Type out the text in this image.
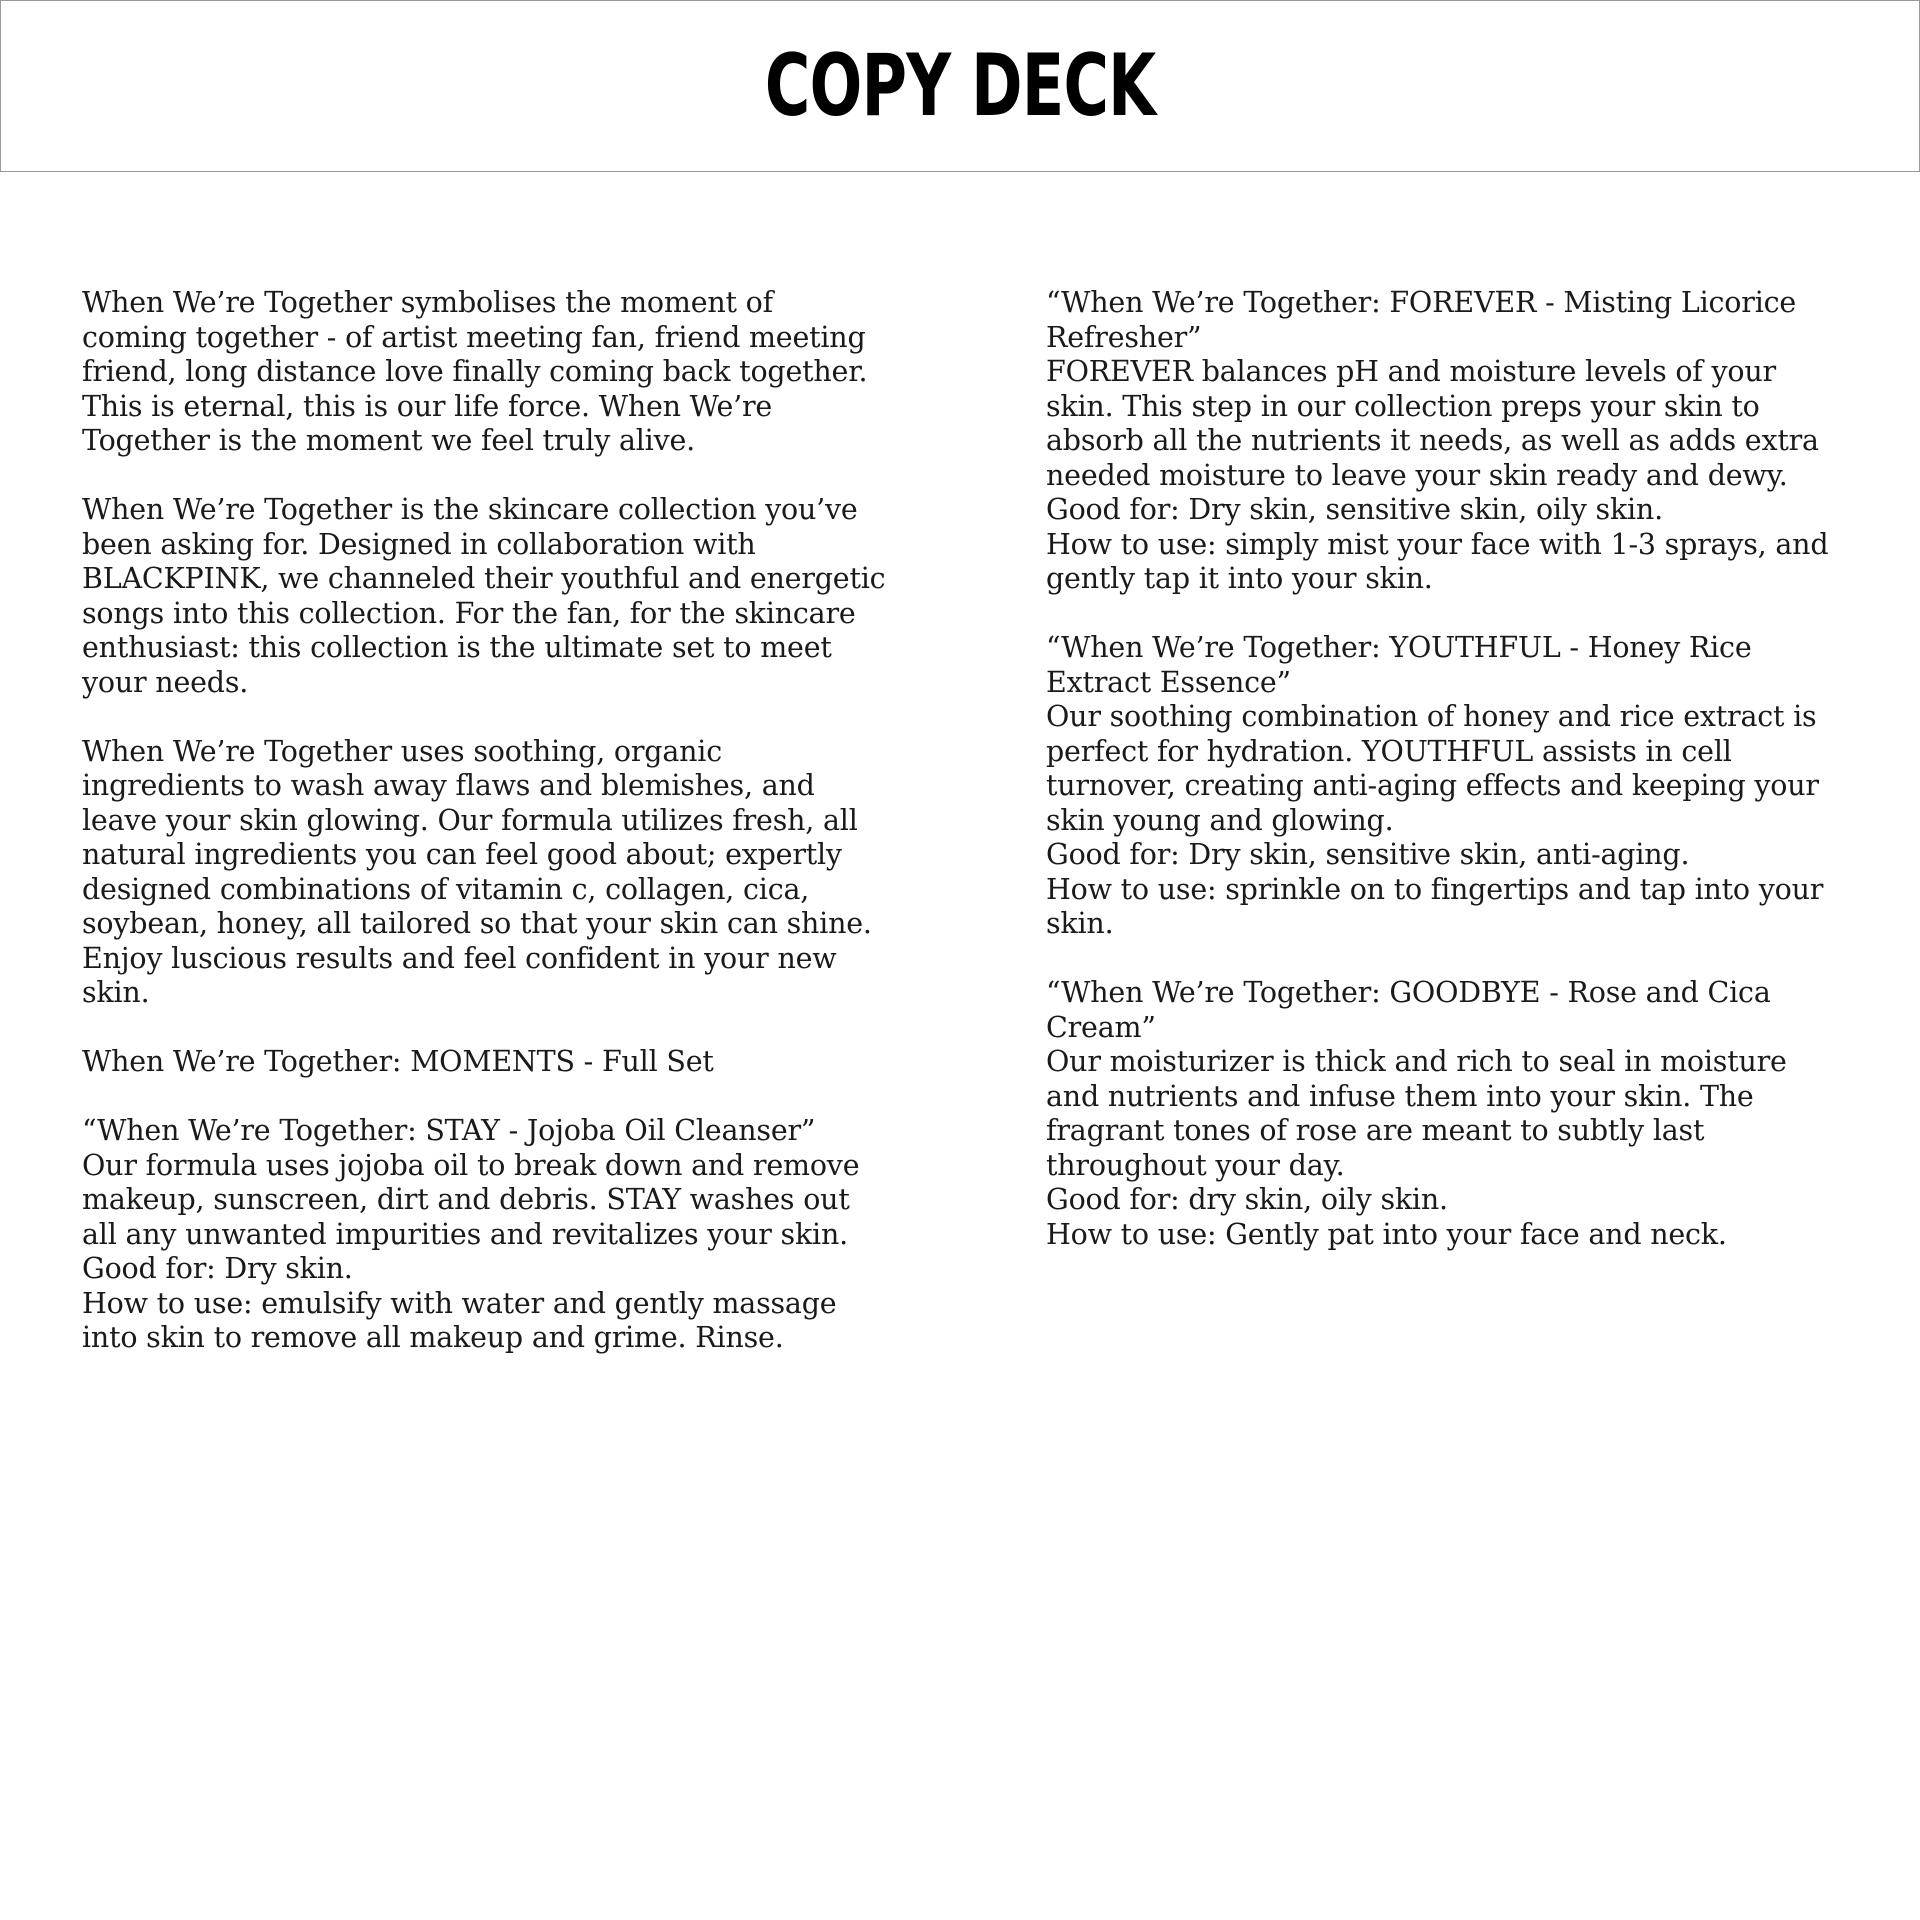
COPY DECK

When We’re Together symbolises the moment of
coming together - of artist meeting fan, friend meeting
friend, long distance love finally coming back together.
This is eternal, this is our life force. When We’re
Together is the moment we feel truly alive.

When We’re Together is the skincare collection you’ve
been asking for. Designed in collaboration with
BLACKPINK, we channeled their youthful and energetic
songs into this collection. For the fan, for the skincare
enthusiast: this collection is the ultimate set to meet
your needs.

When We’re Together uses soothing, organic
ingredients to wash away flaws and blemishes, and
leave your skin glowing. Our formula utilizes fresh, all
natural ingredients you can feel good about; expertly
designed combinations of vitamin c, collagen, cica,
soybean, honey, all tailored so that your skin can shine.
Enjoy luscious results and feel confident in your new
skin.

When We’re Together: MOMENTS - Full Set

“When We’re Together: STAY - Jojoba Oil Cleanser”

Our formula uses jojoba oil to break down and remove
makeup, sunscreen, dirt and debris. STAY washes out
all any unwanted impurities and revitalizes your skin.

Good for: Dry skin.

How to use: emulsify with water and gently massage
into skin to remove all makeup and grime. Rinse.

“When We’re Together: FOREVER - Misting Licorice
Refresher”

FOREVER balances pH and moisture levels of your
skin. This step in our collection preps your skin to
absorb all the nutrients it needs, as well as adds extra
needed moisture to leave your skin ready and dewy.

Good for: Dry skin, sensitive skin, oily skin.

How to use: simply mist your face with 1-3 sprays, and
gently tap it into your skin.

“When We’re Together: YOUTHFUL - Honey Rice
Extract Essence”

Our soothing combination of honey and rice extract is
perfect for hydration. YOUTHFUL assists in cell
turnover, creating anti-aging effects and keeping your
skin young and glowing.

Good for: Dry skin, sensitive skin, anti-aging.

How to use: sprinkle on to fingertips and tap into your
skin.

“When We’re Together: GOODBYE - Rose and Cica
Cream”

Our moisturizer is thick and rich to seal in moisture
and nutrients and infuse them into your skin. The
fragrant tones of rose are meant to subtly last
throughout your day.

Good for: dry skin, oily skin.

How to use: Gently pat into your face and neck.
